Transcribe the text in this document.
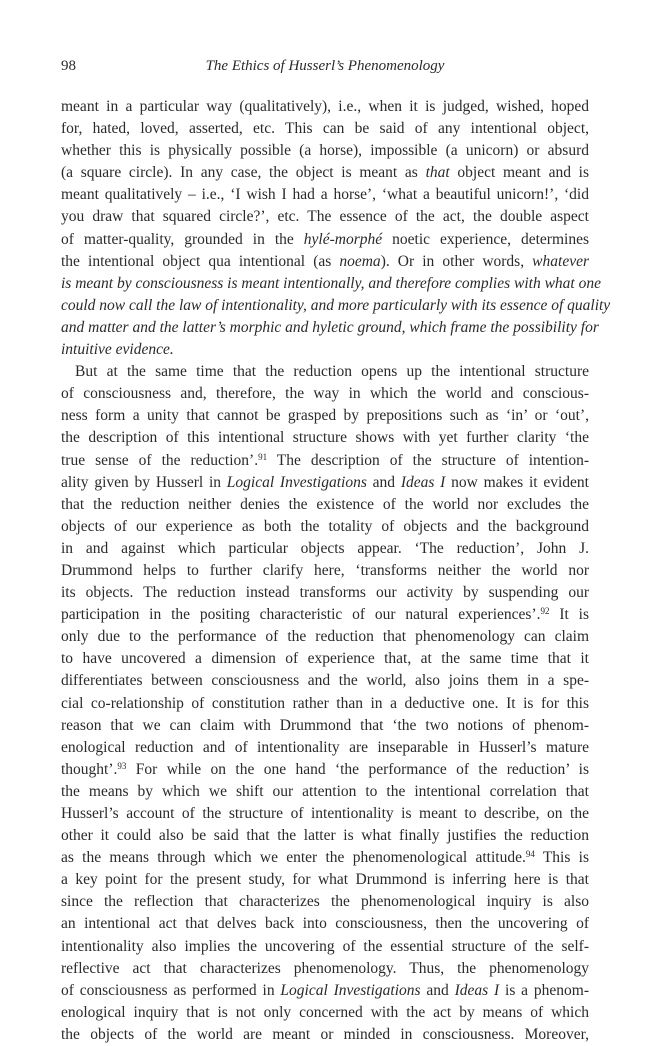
98	The Ethics of Husserl’s Phenomenology
meant in a particular way (qualitatively), i.e., when it is judged, wished, hoped
for, hated, loved, asserted, etc. This can be said of any intentional object,
whether this is physically possible (a horse), impossible (a unicorn) or absurd
(a square circle). In any case, the object is meant as that object meant and is
meant qualitatively – i.e., ‘I wish I had a horse’, ‘what a beautiful unicorn!’, ‘did
you draw that squared circle?’, etc. The essence of the act, the double aspect
of matter-quality, grounded in the hylé-morphé noetic experience, determines
the intentional object qua intentional (as noema). Or in other words, whatever
is meant by consciousness is meant intentionally, and therefore complies with what one
could now call the law of intentionality, and more particularly with its essence of quality
and matter and the latter’s morphic and hyletic ground, which frame the possibility for
intuitive evidence.
But at the same time that the reduction opens up the intentional structure
of consciousness and, therefore, the way in which the world and conscious-
ness form a unity that cannot be grasped by prepositions such as ‘in’ or ‘out’,
the description of this intentional structure shows with yet further clarity ‘the
true sense of the reduction’.$^{91}$ The description of the structure of intention-
ality given by Husserl in Logical Investigations and Ideas I now makes it evident
that the reduction neither denies the existence of the world nor excludes the
objects of our experience as both the totality of objects and the background
in and against which particular objects appear. ‘The reduction’, John J.
Drummond helps to further clarify here, ‘transforms neither the world nor
its objects. The reduction instead transforms our activity by suspending our
participation in the positing characteristic of our natural experiences’.$^{92}$ It is
only due to the performance of the reduction that phenomenology can claim
to have uncovered a dimension of experience that, at the same time that it
differentiates between consciousness and the world, also joins them in a spe-
cial co-relationship of constitution rather than in a deductive one. It is for this
reason that we can claim with Drummond that ‘the two notions of phenom-
enological reduction and of intentionality are inseparable in Husserl’s mature
thought’.$^{93}$ For while on the one hand ‘the performance of the reduction’ is
the means by which we shift our attention to the intentional correlation that
Husserl’s account of the structure of intentionality is meant to describe, on the
other it could also be said that the latter is what finally justifies the reduction
as the means through which we enter the phenomenological attitude.$^{94}$ This is
a key point for the present study, for what Drummond is inferring here is that
since the reflection that characterizes the phenomenological inquiry is also
an intentional act that delves back into consciousness, then the uncovering of
intentionality also implies the uncovering of the essential structure of the self-
reflective act that characterizes phenomenology. Thus, the phenomenology
of consciousness as performed in Logical Investigations and Ideas I is a phenom-
enological inquiry that is not only concerned with the act by means of which
the objects of the world are meant or minded in consciousness. Moreover,
